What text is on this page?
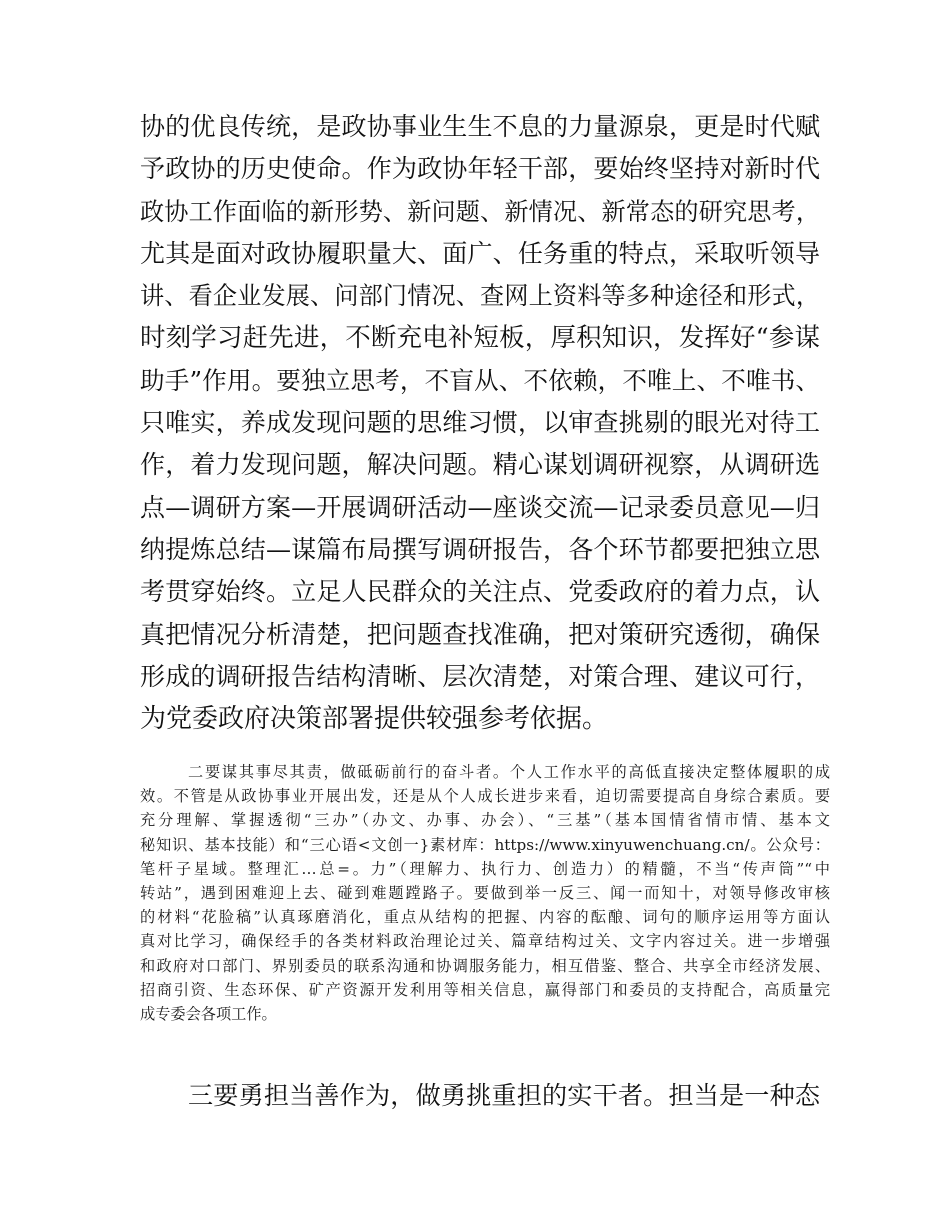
协的优良传统，是政协事业生生不息的力量源泉，更是时代赋
予政协的历史使命。作为政协年轻干部，要始终坚持对新时代
政协工作面临的新形势、新问题、新情况、新常态的研究思考，
尤其是面对政协履职量大、面广、任务重的特点，采取听领导
讲、看企业发展、问部门情况、查网上资料等多种途径和形式，
时刻学习赶先进，不断充电补短板，厚积知识，发挥好“参谋
助手”作用。要独立思考，不盲从、不依赖，不唯上、不唯书、
只唯实，养成发现问题的思维习惯，以审查挑剔的眼光对待工
作，着力发现问题，解决问题。精心谋划调研视察，从调研选
点—调研方案—开展调研活动—座谈交流—记录委员意见—归
纳提炼总结—谋篇布局撰写调研报告，各个环节都要把独立思
考贯穿始终。立足人民群众的关注点、党委政府的着力点，认
真把情况分析清楚，把问题查找准确，把对策研究透彻，确保
形成的调研报告结构清晰、层次清楚，对策合理、建议可行，
为党委政府决策部署提供较强参考依据。
二要谋其事尽其责，做砥砺前行的奋斗者。个人工作水平的高低直接决定整体履职的成
效。不管是从政协事业开展出发，还是从个人成长进步来看，迫切需要提高自身综合素质。要
充分理解、掌握透彻“三办”（办文、办事、办会）、“三基”（基本国情省情市情、基本文
秘知识、基本技能）和“三心语<文创一}素材库：https://www.xinyuwenchuang.cn/。公众号：
笔杆子星域。整理汇…总=。力”（理解力、执行力、创造力）的精髓，不当“传声筒”“中
转站”，遇到困难迎上去、碰到难题蹚路子。要做到举一反三、闻一而知十，对领导修改审核
的材料“花脸稿”认真琢磨消化，重点从结构的把握、内容的酝酿、词句的顺序运用等方面认
真对比学习，确保经手的各类材料政治理论过关、篇章结构过关、文字内容过关。进一步增强
和政府对口部门、界别委员的联系沟通和协调服务能力，相互借鉴、整合、共享全市经济发展、
招商引资、生态环保、矿产资源开发利用等相关信息，赢得部门和委员的支持配合，高质量完
成专委会各项工作。
三要勇担当善作为，做勇挑重担的实干者。担当是一种态
